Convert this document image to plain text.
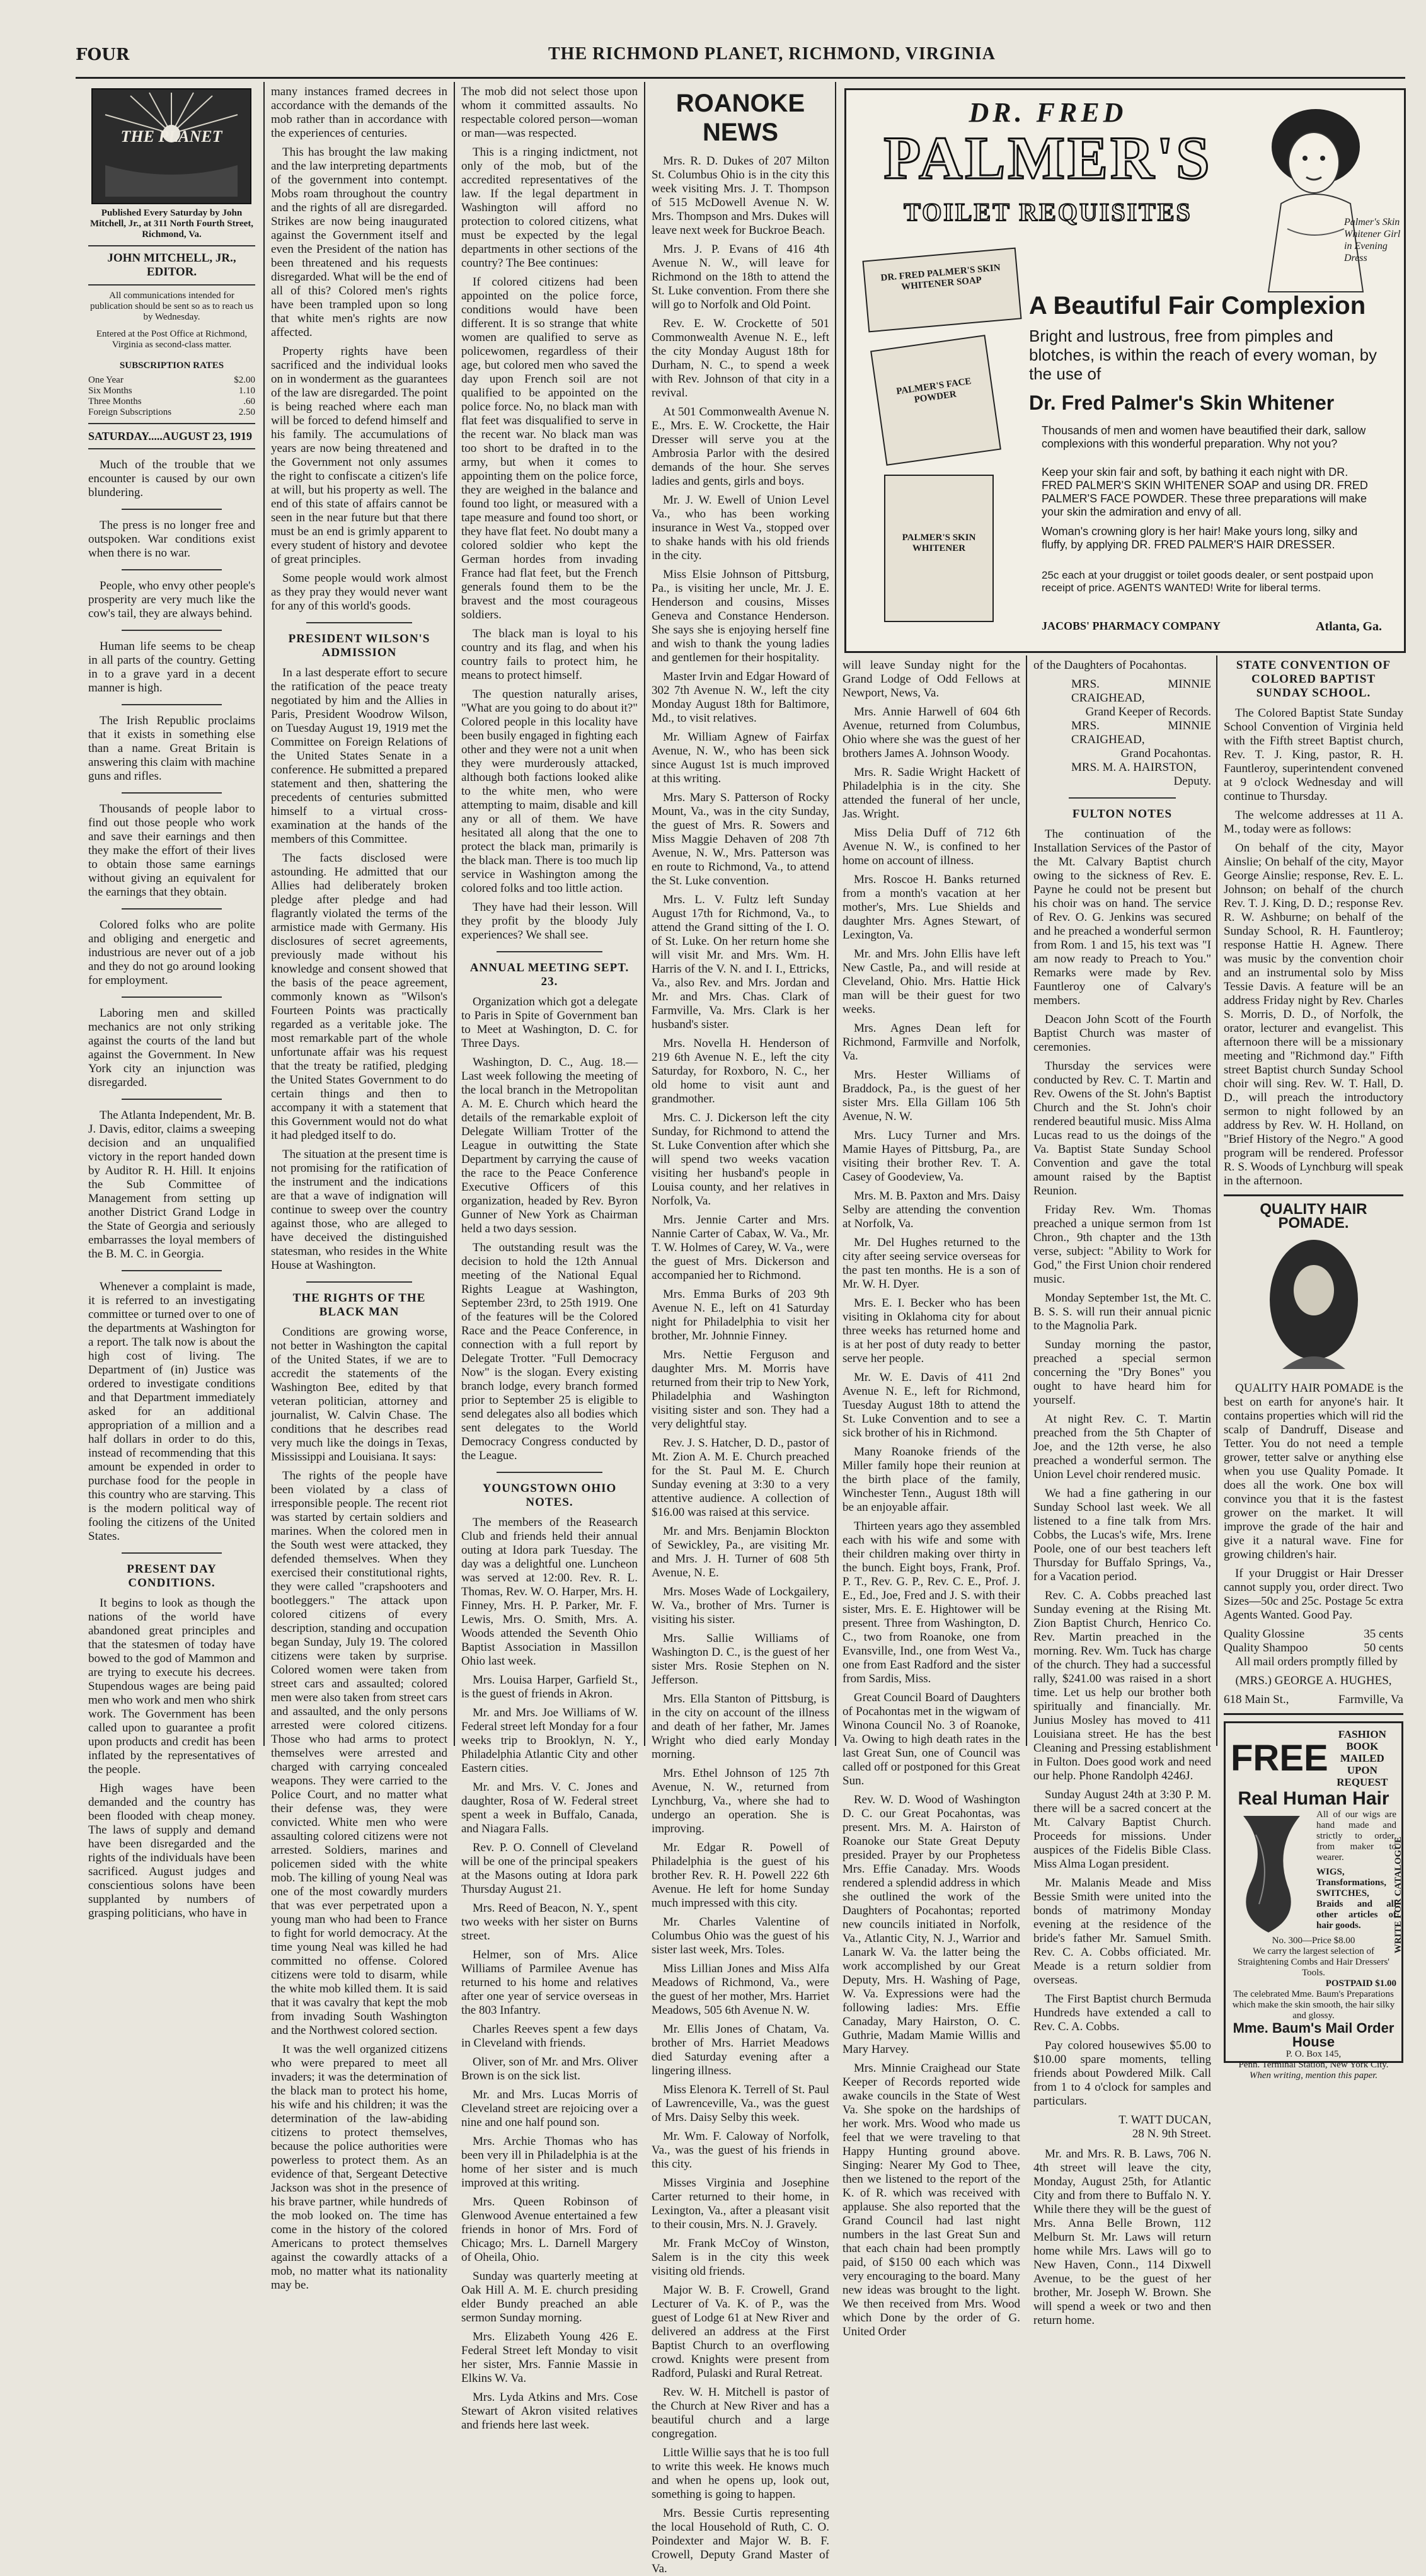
FOUR	THE RICHMOND PLANET, RICHMOND, VIRGINIA
THE PLANET
Published Every Saturday by John Mitchell, Jr., at 311 North Fourth Street, Richmond, Va.
JOHN MITCHELL, JR., EDITOR.
All communications intended for publication should be sent so as to reach us by Wednesday.
Entered at the Post Office at Richmond, Virginia as second-class matter.
SUBSCRIPTION RATES
One Year	$2.00
Six Months	1.10
Three Months	.60
Foreign Subscriptions	2.50
SATURDAY.....AUGUST 23, 1919

Much of the trouble that we encounter is caused by our own blundering.

The press is no longer free and outspoken. War conditions exist when there is no war.

People, who envy other people's prosperity are very much like the cow's tail, they are always behind.

Human life seems to be cheap in all parts of the country. Getting in to a grave yard in a decent manner is high.

The Irish Republic proclaims that it exists in something else than a name. Great Britain is answering this claim with machine guns and rifles.

Thousands of people labor to find out those people who work and save their earnings and then they make the effort of their lives to obtain those same earnings without giving an equivalent for the earnings that they obtain.

Colored folks who are polite and obliging and energetic and industrious are never out of a job and they do not go around looking for employment.

Laboring men and skilled mechanics are not only striking against the courts of the land but against the Government. In New York city an injunction was disregarded.

The Atlanta Independent, Mr. B. J. Davis, editor, claims a sweeping decision and an unqualified victory in the report handed down by Auditor R. H. Hill. It enjoins the Sub Committee of Management from setting up another District Grand Lodge in the State of Georgia and seriously embarrasses the loyal members of the B. M. C. in Georgia.

Whenever a complaint is made, it is referred to an investigating committee or turned over to one of the departments at Washington for a report. The talk now is about the high cost of living. The Department of (in) Justice was ordered to investigate conditions and that Department immediately asked for an additional appropriation of a million and a half dollars in order to do this, instead of recommending that this amount be expended in order to purchase food for the people in this country who are starving. This is the modern political way of fooling the citizens of the United States.

PRESENT DAY CONDITIONS.

It begins to look as though the nations of the world have abandoned great principles and that the statesmen of today have bowed to the god of Mammon and are trying to execute his decrees. Stupendous wages are being paid men who work and men who shirk work. The Government has been called upon to guarantee a profit upon products and credit has been inflated by the representatives of the people.

High wages have been demanded and the country has been flooded with cheap money. The laws of supply and demand have been disregarded and the rights of the individuals have been sacrificed. August judges and conscientious solons have been supplanted by numbers of grasping politicians, who have in

many instances framed decrees in accordance with the demands of the mob rather than in accordance with the experiences of centuries.

This has brought the law making and the law interpreting departments of the government into contempt. Mobs roam throughout the country and the rights of all are disregarded. Strikes are now being inaugurated against the Government itself and even the President of the nation has been threatened and his requests disregarded. What will be the end of all of this? Colored men's rights have been trampled upon so long that white men's rights are now affected.

Property rights have been sacrificed and the individual looks on in wonderment as the guarantees of the law are disregarded. The point is being reached where each man will be forced to defend himself and his family. The accumulations of years are now being threatened and the Government not only assumes the right to confiscate a citizen's life at will, but his property as well. The end of this state of affairs cannot be seen in the near future but that there must be an end is grimly apparent to every student of history and devotee of great principles.

Some people would work almost as they pray they would never want for any of this world's goods.

PRESIDENT WILSON'S ADMISSION

In a last desperate effort to secure the ratification of the peace treaty negotiated by him and the Allies in Paris, President Woodrow Wilson, on Tuesday August 19, 1919 met the Committee on Foreign Relations of the United States Senate in a conference. He submitted a prepared statement and then, shattering the precedents of centuries submitted himself to a virtual cross-examination at the hands of the members of this Committee.

The facts disclosed were astounding. He admitted that our Allies had deliberately broken pledge after pledge and had flagrantly violated the terms of the armistice made with Germany. His disclosures of secret agreements, previously made without his knowledge and consent showed that the basis of the peace agreement, commonly known as "Wilson's Fourteen Points was practically regarded as a veritable joke. The most remarkable part of the whole unfortunate affair was his request that the treaty be ratified, pledging the United States Government to do certain things and then to accompany it with a statement that this Government would not do what it had pledged itself to do.

The situation at the present time is not promising for the ratification of the instrument and the indications are that a wave of indignation will continue to sweep over the country against those, who are alleged to have deceived the distinguished statesman, who resides in the White House at Washington.

THE RIGHTS OF THE BLACK MAN

Conditions are growing worse, not better in Washington the capital of the United States, if we are to accredit the statements of the Washington Bee, edited by that veteran politician, attorney and journalist, W. Calvin Chase. The conditions that he describes read very much like the doings in Texas, Mississippi and Louisiana. It says:

The rights of the people have been violated by a class of irresponsible people. The recent riot was started by certain soldiers and marines. When the colored men in the South west were attacked, they defended themselves. When they exercised their constitutional rights, they were called "crapshooters and bootleggers." The attack upon colored citizens of every description, standing and occupation began Sunday, July 19. The colored citizens were taken by surprise. Colored women were taken from street cars and assaulted; colored men were also taken from street cars and assaulted, and the only persons arrested were colored citizens. Those who had arms to protect themselves were arrested and charged with carrying concealed weapons. They were carried to the Police Court, and no matter what their defense was, they were convicted. White men who were assaulting colored citizens were not arrested. Soldiers, marines and policemen sided with the white mob. The killing of young Neal was one of the most cowardly murders that was ever perpetrated upon a young man who had been to France to fight for world democracy. At the time young Neal was killed he had committed no offense. Colored citizens were told to disarm, while the white mob killed them. It is said that it was cavalry that kept the mob from invading South Washington and the Northwest colored section.

It was the well organized citizens who were prepared to meet all invaders; it was the determination of the black man to protect his home, his wife and his children; it was the determination of the law-abiding citizens to protect themselves, because the police authorities were powerless to protect them. As an evidence of that, Sergeant Detective Jackson was shot in the presence of his brave partner, while hundreds of the mob looked on. The time has come in the history of the colored Americans to protect themselves against the cowardly attacks of a mob, no matter what its nationality may be.

The mob did not select those upon whom it committed assaults. No respectable colored person—woman or man—was respected.

This is a ringing indictment, not only of the mob, but of the accredited representatives of the law. If the legal department in Washington will afford no protection to colored citizens, what must be expected by the legal departments in other sections of the country? The Bee continues:

If colored citizens had been appointed on the police force, conditions would have been different. It is so strange that white women are qualified to serve as policewomen, regardless of their age, but colored men who saved the day upon French soil are not qualified to be appointed on the police force. No, no black man with flat feet was disqualified to serve in the recent war. No black man was too short to be drafted in to the army, but when it comes to appointing them on the police force, they are weighed in the balance and found too light, or measured with a tape measure and found too short, or they have flat feet. No doubt many a colored soldier who kept the German hordes from invading France had flat feet, but the French generals found them to be the bravest and the most courageous soldiers.

The black man is loyal to his country and its flag, and when his country fails to protect him, he means to protect himself.

The question naturally arises, "What are you going to do about it?" Colored people in this locality have been busily engaged in fighting each other and they were not a unit when they were murderously attacked, although both factions looked alike to the white men, who were attempting to maim, disable and kill any or all of them. We have hesitated all along that the one to protect the black man, primarily is the black man. There is too much lip service in Washington among the colored folks and too little action.

They have had their lesson. Will they profit by the bloody July experiences? We shall see.

ANNUAL MEETING SEPT. 23.

Organization which got a delegate to Paris in Spite of Government ban to Meet at Washington, D. C. for Three Days.

Washington, D. C., Aug. 18.—Last week following the meeting of the local branch in the Metropolitan A. M. E. Church which heard the details of the remarkable exploit of Delegate William Trotter of the League in outwitting the State Department by carrying the cause of the race to the Peace Conference Executive Officers of this organization, headed by Rev. Byron Gunner of New York as Chairman held a two days session.

The outstanding result was the decision to hold the 12th Annual meeting of the National Equal Rights League at Washington, September 23rd, to 25th 1919. One of the features will be the Colored Race and the Peace Conference, in connection with a full report by Delegate Trotter. "Full Democracy Now" is the slogan. Every existing branch lodge, every branch formed prior to September 25 is eligible to send delegates also all bodies which sent delegates to the World Democracy Congress conducted by the League.

YOUNGSTOWN OHIO NOTES.

The members of the Reasearch Club and friends held their annual outing at Idora park Tuesday. The day was a delightful one. Luncheon was served at 12:00. Rev. R. L. Thomas, Rev. W. O. Harper, Mrs. H. Finney, Mrs. H. P. Parker, Mr. F. Lewis, Mrs. O. Smith, Mrs. A. Woods attended the Seventh Ohio Baptist Association in Massillon Ohio last week.

Mrs. Louisa Harper, Garfield St., is the guest of friends in Akron.

Mr. and Mrs. Joe Williams of W. Federal street left Monday for a four weeks trip to Brooklyn, N. Y., Philadelphia Atlantic City and other Eastern cities.

Mr. and Mrs. V. C. Jones and daughter, Rosa of W. Federal street spent a week in Buffalo, Canada, and Niagara Falls.

Rev. P. O. Connell of Cleveland will be one of the principal speakers at the Masons outing at Idora park Thursday August 21.

Mrs. Reed of Beacon, N. Y., spent two weeks with her sister on Burns street.

Helmer, son of Mrs. Alice Williams of Parmilee Avenue has returned to his home and relatives after one year of service overseas in the 803 Infantry.

Charles Reeves spent a few days in Cleveland with friends.

Oliver, son of Mr. and Mrs. Oliver Brown is on the sick list.

Mr. and Mrs. Lucas Morris of Cleveland street are rejoicing over a nine and one half pound son.

Mrs. Archie Thomas who has been very ill in Philadelphia is at the home of her sister and is much improved at this writing.

Mrs. Queen Robinson of Glenwood Avenue entertained a few friends in honor of Mrs. Ford of Chicago; Mrs. L. Darnell Margery of Oheila, Ohio.

Sunday was quarterly meeting at Oak Hill A. M. E. church presiding elder Bundy preached an able sermon Sunday morning.

Mrs. Elizabeth Young 426 E. Federal Street left Monday to visit her sister, Mrs. Fannie Massie in Elkins W. Va.

Mrs. Lyda Atkins and Mrs. Cose Stewart of Akron visited relatives and friends here last week.

ROANOKE NEWS

Mrs. R. D. Dukes of 207 Milton St. Columbus Ohio is in the city this week visiting Mrs. J. T. Thompson of 515 McDowell Avenue N. W. Mrs. Thompson and Mrs. Dukes will leave next week for Buckroe Beach.

Mrs. J. P. Evans of 416 4th Avenue N. W., will leave for Richmond on the 18th to attend the St. Luke convention. From there she will go to Norfolk and Old Point.

Rev. E. W. Crockette of 501 Commonwealth Avenue N. E., left the city Monday August 18th for Durham, N. C., to spend a week with Rev. Johnson of that city in a revival.

At 501 Commonwealth Avenue N. E., Mrs. E. W. Crockette, the Hair Dresser will serve you at the Ambrosia Parlor with the desired demands of the hour. She serves ladies and gents, girls and boys.

Mr. J. W. Ewell of Union Level Va., who has been working insurance in West Va., stopped over to shake hands with his old friends in the city.

Miss Elsie Johnson of Pittsburg, Pa., is visiting her uncle, Mr. J. E. Henderson and cousins, Misses Geneva and Constance Henderson. She says she is enjoying herself fine and wish to thank the young ladies and gentlemen for their hospitality.

Master Irvin and Edgar Howard of 302 7th Avenue N. W., left the city Monday August 18th for Baltimore, Md., to visit relatives.

Mr. William Agnew of Fairfax Avenue, N. W., who has been sick since August 1st is much improved at this writing.

Mrs. Mary S. Patterson of Rocky Mount, Va., was in the city Sunday, the guest of Mrs. R. Sowers and Miss Maggie Dehaven of 208 7th Avenue, N. W., Mrs. Patterson was en route to Richmond, Va., to attend the St. Luke convention.

Mrs. L. V. Fultz left Sunday August 17th for Richmond, Va., to attend the Grand sitting of the I. O. of St. Luke. On her return home she will visit Mr. and Mrs. Wm. H. Harris of the V. N. and I. I., Ettricks, Va., also Rev. and Mrs. Jordan and Mr. and Mrs. Chas. Clark of Farmville, Va. Mrs. Clark is her husband's sister.

Mrs. Novella H. Henderson of 219 6th Avenue N. E., left the city Saturday, for Roxboro, N. C., her old home to visit aunt and grandmother.

Mrs. C. J. Dickerson left the city Sunday, for Richmond to attend the St. Luke Convention after which she will spend two weeks vacation visiting her husband's people in Louisa county, and her relatives in Norfolk, Va.

Mrs. Jennie Carter and Mrs. Nannie Carter of Cabax, W. Va., Mr. T. W. Holmes of Carey, W. Va., were the guest of Mrs. Dickerson and accompanied her to Richmond.

Mrs. Emma Burks of 203 9th Avenue N. E., left on 41 Saturday night for Philadelphia to visit her brother, Mr. Johnnie Finney.

Mrs. Nettie Ferguson and daughter Mrs. M. Morris have returned from their trip to New York, Philadelphia and Washington visiting sister and son. They had a very delightful stay.

Rev. J. S. Hatcher, D. D., pastor of Mt. Zion A. M. E. Church preached for the St. Paul M. E. Church Sunday evening at 3:30 to a very attentive audience. A collection of $16.00 was raised at this service.

Mr. and Mrs. Benjamin Blockton of Sewickley, Pa., are visiting Mr. and Mrs. J. H. Turner of 608 5th Avenue, N. E.

Mrs. Moses Wade of Lockgailery, W. Va., brother of Mrs. Turner is visiting his sister.

Mrs. Sallie Williams of Washington D. C., is the guest of her sister Mrs. Rosie Stephen on N. Jefferson.

Mrs. Ella Stanton of Pittsburg, is in the city on account of the illness and death of her father, Mr. James Wright who died early Monday morning.

Mrs. Ethel Johnson of 125 7th Avenue, N. W., returned from Lynchburg, Va., where she had to undergo an operation. She is improving.

Mr. Edgar R. Powell of Philadelphia is the guest of his brother Rev. R. H. Powell 222 6th Avenue. He left for home Sunday much impressed with this city.

Mr. Charles Valentine of Columbus Ohio was the guest of his sister last week, Mrs. Toles.

Miss Lillian Jones and Miss Alfa Meadows of Richmond, Va., were the guest of her mother, Mrs. Harriet Meadows, 505 6th Avenue N. W.

Mr. Ellis Jones of Chatam, Va. brother of Mrs. Harriet Meadows died Saturday evening after a lingering illness.

Miss Elenora K. Terrell of St. Paul of Lawrenceville, Va., was the guest of Mrs. Daisy Selby this week.

Mr. Wm. F. Caloway of Norfolk, Va., was the guest of his friends in this city.

Misses Virginia and Josephine Carter returned to their home, in Lexington, Va., after a pleasant visit to their cousin, Mrs. N. J. Gravely.

Mr. Frank McCoy of Winston, Salem is in the city this week visiting old friends.

Major W. B. F. Crowell, Grand Lecturer of Va. K. of P., was the guest of Lodge 61 at New River and delivered an address at the First Baptist Church to an overflowing crowd. Knights were present from Radford, Pulaski and Rural Retreat.

Rev. W. H. Mitchell is pastor of the Church at New River and has a beautiful church and a large congregation.

Little Willie says that he is too full to write this week. He knows much and when he opens up, look out, something is going to happen.

Mrs. Bessie Curtis representing the local Household of Ruth, C. O. Poindexter and Major W. B. F. Crowell, Deputy Grand Master of Va.

DR. FRED
PALMER'S
TOILET REQUISITES	Palmer's Skin Whitener Girl in Evening Dress
DR. FRED PALMER'S SKIN WHITENER SOAP
PALMER'S FACE POWDER
PALMER'S SKIN WHITENER
A Beautiful Fair Complexion
Bright and lustrous, free from pimples and blotches, is within the reach of every woman, by the use of
Dr. Fred Palmer's Skin Whitener
Thousands of men and women have beautified their dark, sallow complexions with this wonderful preparation. Why not you?
Keep your skin fair and soft, by bathing it each night with DR. FRED PALMER'S SKIN WHITENER SOAP and using DR. FRED PALMER'S FACE POWDER. These three preparations will make your skin the admiration and envy of all.
Woman's crowning glory is her hair! Make yours long, silky and fluffy, by applying DR. FRED PALMER'S HAIR DRESSER.
25c each at your druggist or toilet goods dealer, or sent postpaid upon receipt of price. AGENTS WANTED! Write for liberal terms.
JACOBS' PHARMACY COMPANY	Atlanta, Ga.

will leave Sunday night for the Grand Lodge of Odd Fellows at Newport, News, Va.

Mrs. Annie Harwell of 604 6th Avenue, returned from Columbus, Ohio where she was the guest of her brothers James A. Johnson Woody.

Mrs. R. Sadie Wright Hackett of Philadelphia is in the city. She attended the funeral of her uncle, Jas. Wright.

Miss Delia Duff of 712 6th Avenue N. W., is confined to her home on account of illness.

Mrs. Roscoe H. Banks returned from a month's vacation at her mother's, Mrs. Lue Shields and daughter Mrs. Agnes Stewart, of Lexington, Va.

Mr. and Mrs. John Ellis have left New Castle, Pa., and will reside at Cleveland, Ohio. Mrs. Hattie Hick man will be their guest for two weeks.

Mrs. Agnes Dean left for Richmond, Farmville and Norfolk, Va.

Mrs. Hester Williams of Braddock, Pa., is the guest of her sister Mrs. Ella Gillam 106 5th Avenue, N. W.

Mrs. Lucy Turner and Mrs. Mamie Hayes of Pittsburg, Pa., are visiting their brother Rev. T. A. Casey of Goodeview, Va.

Mrs. M. B. Paxton and Mrs. Daisy Selby are attending the convention at Norfolk, Va.

Mr. Del Hughes returned to the city after seeing service overseas for the past ten months. He is a son of Mr. W. H. Dyer.

Mrs. E. I. Becker who has been visiting in Oklahoma city for about three weeks has returned home and is at her post of duty ready to better serve her people.

Mr. W. E. Davis of 411 2nd Avenue N. E., left for Richmond, Tuesday August 18th to attend the St. Luke Convention and to see a sick brother of his in Richmond.

Many Roanoke friends of the Miller family hope their reunion at the birth place of the family, Winchester Tenn., August 18th will be an enjoyable affair.

Thirteen years ago they assembled each with his wife and some with their children making over thirty in the bunch. Eight boys, Frank, Prof. P. T., Rev. G. P., Rev. C. E., Prof. J. E., Ed., Joe, Fred and J. S. with their sister, Mrs. E. E. Hightower will be present. Three from Washington, D. C., two from Roanoke, one from Evansville, Ind., one from West Va., one from East Radford and the sister from Sardis, Miss.

Great Council Board of Daughters of Pocahontas met in the wigwam of Winona Council No. 3 of Roanoke, Va. Owing to high death rates in the last Great Sun, one of Council was called off or postponed for this Great Sun.

Rev. W. D. Wood of Washington D. C. our Great Pocahontas, was present. Mrs. M. A. Hairston of Roanoke our State Great Deputy presided. Prayer by our Prophetess Mrs. Effie Canaday. Mrs. Woods rendered a splendid address in which she outlined the work of the Daughters of Pocahontas; reported new councils initiated in Norfolk, Va., Atlantic City, N. J., Warrior and Lanark W. Va. the latter being the work accomplished by our Great Deputy, Mrs. H. Washing of Page, W. Va. Expressions were had the following ladies: Mrs. Effie Canaday, Mary Hairston, O. C. Guthrie, Madam Mamie Willis and Mary Harvey.

Mrs. Minnie Craighead our State Keeper of Records reported wide awake councils in the State of West Va. She spoke on the hardships of her work. Mrs. Wood who made us feel that we were traveling to that Happy Hunting ground above. Singing: Nearer My God to Thee, then we listened to the report of the K. of R. which was received with applause. She also reported that the Grand Council had last night numbers in the last Great Sun and that each chain had been promptly paid, of $150 00 each which was very encouraging to the board. Many new ideas was brought to the light. We then received from Mrs. Wood which Done by the order of G. United Order

of the Daughters of Pocahontas.

MRS. MINNIE CRAIGHEAD,
Grand Keeper of Records.
MRS. MINNIE CRAIGHEAD,
Grand Pocahontas.
MRS. M. A. HAIRSTON,
Deputy.
FULTON NOTES

The continuation of the Installation Services of the Pastor of the Mt. Calvary Baptist church owing to the sickness of Rev. E. Payne he could not be present but his choir was on hand. The service of Rev. O. G. Jenkins was secured and he preached a wonderful sermon from Rom. 1 and 15, his text was "I am now ready to Preach to You." Remarks were made by Rev. Fauntleroy one of Calvary's members.

Deacon John Scott of the Fourth Baptist Church was master of ceremonies.

Thursday the services were conducted by Rev. C. T. Martin and Rev. Owens of the St. John's Baptist Church and the St. John's choir rendered beautiful music. Miss Alma Lucas read to us the doings of the Va. Baptist State Sunday School Convention and gave the total amount raised by the Baptist Reunion.

Friday Rev. Wm. Thomas preached a unique sermon from 1st Chron., 9th chapter and the 13th verse, subject: "Ability to Work for God," the First Union choir rendered music.

Monday September 1st, the Mt. C. B. S. S. will run their annual picnic to the Magnolia Park.

Sunday morning the pastor, preached a special sermon concerning the "Dry Bones" you ought to have heard him for yourself.

At night Rev. C. T. Martin preached from the 5th Chapter of Joe, and the 12th verse, he also preached a wonderful sermon. The Union Level choir rendered music.

We had a fine gathering in our Sunday School last week. We all listened to a fine talk from Mrs. Cobbs, the Lucas's wife, Mrs. Irene Poole, one of our best teachers left Thursday for Buffalo Springs, Va., for a Vacation period.

Rev. C. A. Cobbs preached last Sunday evening at the Rising Mt. Zion Baptist Church, Henrico Co. Rev. Martin preached in the morning. Rev. Wm. Tuck has charge of the church. They had a successful rally, $241.00 was raised in a short time. Let us help our brother both spiritually and financially. Mr. Junius Mosley has moved to 411 Louisiana street. He has the best Cleaning and Pressing establishment in Fulton. Does good work and need our help. Phone Randolph 4246J.

Sunday August 24th at 3:30 P. M. there will be a sacred concert at the Mt. Calvary Baptist Church. Proceeds for missions. Under auspices of the Fidelis Bible Class. Miss Alma Logan president.

Mr. Malanis Meade and Miss Bessie Smith were united into the bonds of matrimony Monday evening at the residence of the bride's father Mr. Samuel Smith. Rev. C. A. Cobbs officiated. Mr. Meade is a return soldier from overseas.

The First Baptist church Bermuda Hundreds have extended a call to Rev. C. A. Cobbs.

Pay colored housewives $5.00 to $10.00 spare moments, telling friends about Powdered Milk. Call from 1 to 4 o'clock for samples and particulars.

T. WATT DUCAN,
28 N. 9th Street.

Mr. and Mrs. R. B. Laws, 706 N. 4th street will leave the city, Monday, August 25th, for Atlantic City and from there to Buffalo N. Y. While there they will be the guest of Mrs. Anna Belle Brown, 112 Melburn St. Mr. Laws will return home while Mrs. Laws will go to New Haven, Conn., 114 Dixwell Avenue, to be the guest of her brother, Mr. Joseph W. Brown. She will spend a week or two and then return home.

STATE CONVENTION OF COLORED BAPTIST SUNDAY SCHOOL.

The Colored Baptist State Sunday School Convention of Virginia held with the Fifth street Baptist church, Rev. T. J. King, pastor, R. H. Fauntleroy, superintendent convened at 9 o'clock Wednesday and will continue to Thursday.

The welcome addresses at 11 A. M., today were as follows:

On behalf of the city, Mayor Ainslie; On behalf of the city, Mayor George Ainslie; response, Rev. E. L. Johnson; on behalf of the church Rev. T. J. King, D. D.; response Rev. R. W. Ashburne; on behalf of the Sunday School, R. H. Fauntleroy; response Hattie H. Agnew. There was music by the convention choir and an instrumental solo by Miss Tessie Davis. A feature will be an address Friday night by Rev. Charles S. Morris, D. D., of Norfolk, the orator, lecturer and evangelist. This afternoon there will be a missionary meeting and "Richmond day." Fifth street Baptist church Sunday School choir will sing. Rev. W. T. Hall, D. D., will preach the introductory sermon to night followed by an address by Rev. W. H. Holland, on "Brief History of the Negro." A good program will be rendered. Professor R. S. Woods of Lynchburg will speak in the afternoon.

QUALITY HAIR POMADE.

QUALITY HAIR POMADE is the best on earth for anyone's hair. It contains properties which will rid the scalp of Dandruff, Disease and Tetter. You do not need a temple grower, tetter salve or anything else when you use Quality Pomade. It does all the work. One box will convince you that it is the fastest grower on the market. It will improve the grade of the hair and give it a natural wave. Fine for growing children's hair.

If your Druggist or Hair Dresser cannot supply you, order direct. Two Sizes—50c and 25c. Postage 5c extra Agents Wanted. Good Pay.

Quality Glossine	35 cents
Quality Shampoo	50 cents
All mail orders promptly filled by
(MRS.) GEORGE A. HUGHES,
618 Main St.,	Farmville, Va
FREE
FASHION BOOK
MAILED
UPON REQUEST
Real Human Hair
All of our wigs are hand made and strictly to order, from maker to wearer.
WIGS, Transformations, SWITCHES, Braids and all other articles of hair goods.
No. 300—Price $8.00
We carry the largest selection of Straightening Combs and Hair Dressers' Tools.
POSTPAID $1.00
The celebrated Mme. Baum's Preparations which make the skin smooth, the hair silky and glossy.
Mme. Baum's Mail Order House
P. O. Box 145,
Penn. Terminal Station, New York City.
When writing, mention this paper.
WRITE FOR CATALOGUE
